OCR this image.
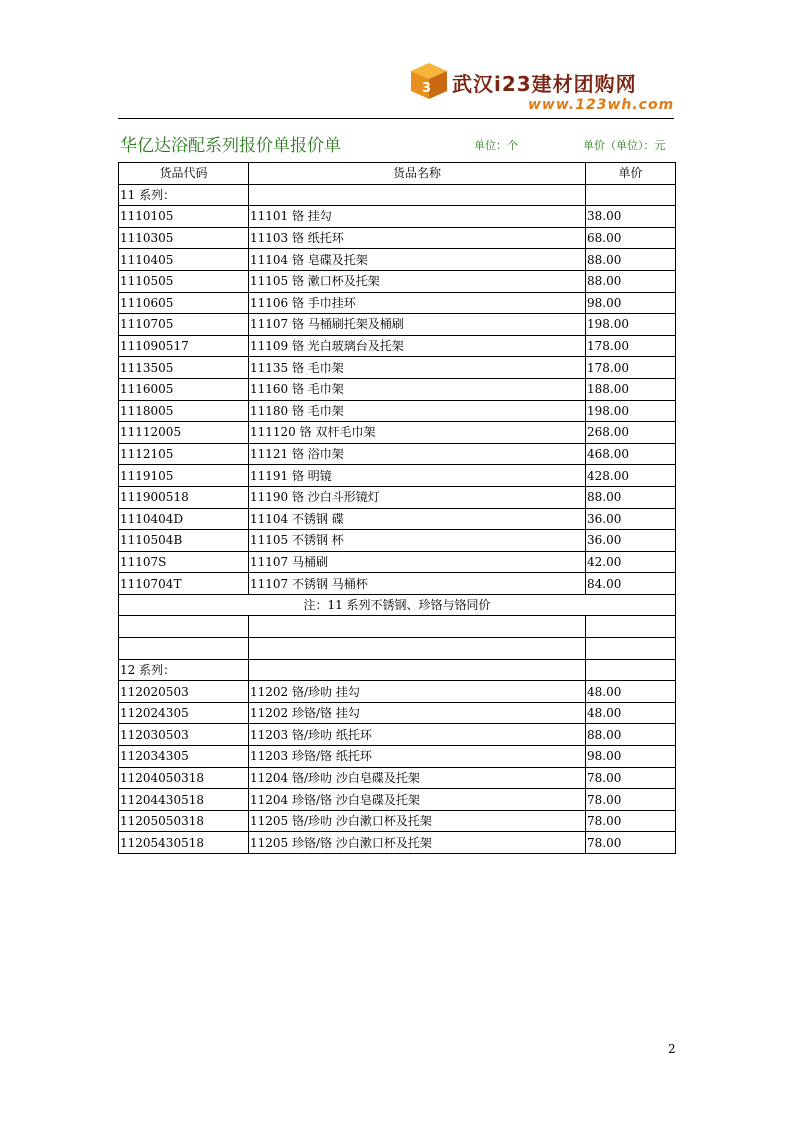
3 武汉i23建材团购网
www.123wh.com
华亿达浴配系列报价单报价单	单位：个	单价（单位）：元
货品代码	货品名称	单价
11 系列：		
1110105	11101 铬 挂勾	38.00
1110305	11103 铬 纸托环	68.00
1110405	11104 铬 皂碟及托架	88.00
1110505	11105 铬 漱口杯及托架	88.00
1110605	11106 铬 手巾挂环	98.00
1110705	11107 铬 马桶刷托架及桶刷	198.00
111090517	11109 铬 光白玻璃台及托架	178.00
1113505	11135 铬 毛巾架	178.00
1116005	11160 铬 毛巾架	188.00
1118005	11180 铬 毛巾架	198.00
11112005	111120 铬 双杆毛巾架	268.00
1112105	11121 铬 浴巾架	468.00
1119105	11191 铬 明镜	428.00
111900518	11190 铬 沙白斗形镜灯	88.00
1110404D	11104 不锈钢 碟	36.00
1110504B	11105 不锈钢 杯	36.00
11107S	11107 马桶刷	42.00
1110704T	11107 不锈钢 马桶杯	84.00
注：11 系列不锈钢、珍铬与铬同价		

12 系列：		
112020503	11202 铬/珍叻 挂勾	48.00
112024305	11202 珍铬/铬 挂勾	48.00
112030503	11203 铬/珍叻 纸托环	88.00
112034305	11203 珍铬/铬 纸托环	98.00
11204050318	11204 铬/珍叻 沙白皂碟及托架	78.00
11204430518	11204 珍铬/铬 沙白皂碟及托架	78.00
11205050318	11205 铬/珍叻 沙白漱口杯及托架	78.00
11205430518	11205 珍铬/铬 沙白漱口杯及托架	78.00
2
